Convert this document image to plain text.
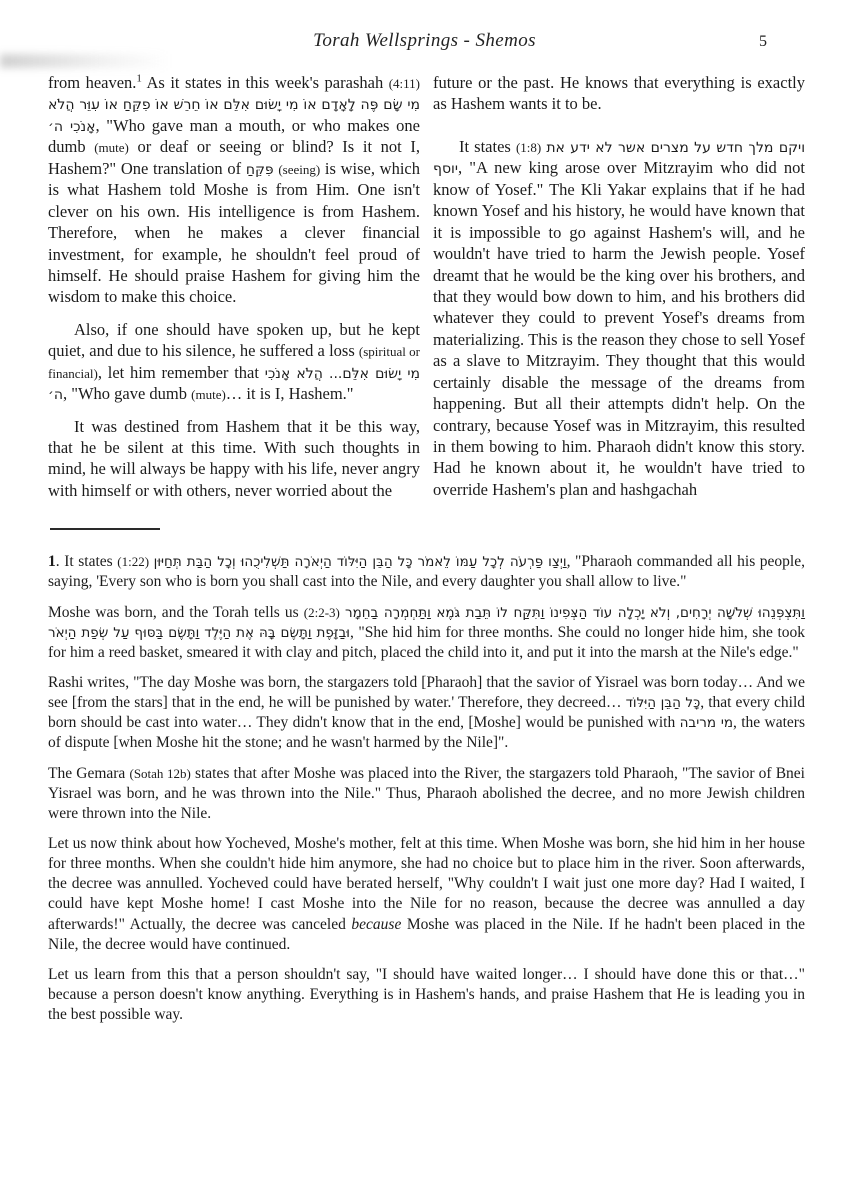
Torah Wellsprings - Shemos	5

from heaven.$^1$ As it states in this week's parashah (4:11) מִי שָׂם פֶּה לָאָדָם אוֹ מִי יָשׂוּם אִלֵּם אוֹ חֵרֵשׁ אוֹ פִקֵּחַ אוֹ עִוֵּר הֲלֹא אָנֹכִי ה׳, "Who gave man a mouth, or who makes one dumb (mute) or deaf or seeing or blind? Is it not I, Hashem?" One translation of פִּקֵּחַ (seeing) is wise, which is what Hashem told Moshe is from Him. One isn't clever on his own. His intelligence is from Hashem. Therefore, when he makes a clever financial investment, for example, he shouldn't feel proud of himself. He should praise Hashem for giving him the wisdom to make this choice.

Also, if one should have spoken up, but he kept quiet, and due to his silence, he suffered a loss (spiritual or financial), let him remember that מִי יָשׂוּם אִלֵּם... הֲלֹא אָנֹכִי ה׳, "Who gave dumb (mute)… it is I, Hashem."

It was destined from Hashem that it be this way, that he be silent at this time. With such thoughts in mind, he will always be happy with his life, never angry with himself or with others, never worried about the

future or the past. He knows that everything is exactly as Hashem wants it to be.

It states (1:8) ויקם מלך חדש על מצרים אשר לא ידע את יוסף, "A new king arose over Mitzrayim who did not know of Yosef." The Kli Yakar explains that if he had known Yosef and his history, he would have known that it is impossible to go against Hashem's will, and he wouldn't have tried to harm the Jewish people. Yosef dreamt that he would be the king over his brothers, and that they would bow down to him, and his brothers did whatever they could to prevent Yosef's dreams from materializing. This is the reason they chose to sell Yosef as a slave to Mitzrayim. They thought that this would certainly disable the message of the dreams from happening. But all their attempts didn't help. On the contrary, because Yosef was in Mitzrayim, this resulted in them bowing to him. Pharaoh didn't know this story. Had he known about it, he wouldn't have tried to override Hashem's plan and hashgachah

1. It states (1:22) וַיְצַו פַּרְעֹה לְכָל עַמּוֹ לֵאמֹר כָּל הַבֵּן הַיִּלּוֹד הַיְאֹרָה תַּשְׁלִיכֻהוּ וְכָל הַבַּת תְּחַיּוּן, "Pharaoh commanded all his people, saying, 'Every son who is born you shall cast into the Nile, and every daughter you shall allow to live."

Moshe was born, and the Torah tells us (2:2-3) וַתִּצְפְּנֵהוּ שְׁלֹשָׁה יְרָחִים, וְלֹא יָכְלָה עוֹד הַצְּפִינוֹ וַתִּקַּח לוֹ תֵּבַת גֹּמֶא וַתַּחְמְרָה בַחֵמָר וּבַזָּפֶת וַתָּשֶׂם בָּהּ אֶת הַיֶּלֶד וַתָּשֶׂם בַּסּוּף עַל שְׂפַת הַיְאֹר, "She hid him for three months. She could no longer hide him, she took for him a reed basket, smeared it with clay and pitch, placed the child into it, and put it into the marsh at the Nile's edge."

Rashi writes, "The day Moshe was born, the stargazers told [Pharaoh] that the savior of Yisrael was born today… And we see [from the stars] that in the end, he will be punished by water.' Therefore, they decreed… כָּל הַבֵּן הַיִּלּוֹד, that every child born should be cast into water… They didn't know that in the end, [Moshe] would be punished with מי מריבה, the waters of dispute [when Moshe hit the stone; and he wasn't harmed by the Nile]".

The Gemara (Sotah 12b) states that after Moshe was placed into the River, the stargazers told Pharaoh, "The savior of Bnei Yisrael was born, and he was thrown into the Nile." Thus, Pharaoh abolished the decree, and no more Jewish children were thrown into the Nile.

Let us now think about how Yocheved, Moshe's mother, felt at this time. When Moshe was born, she hid him in her house for three months. When she couldn't hide him anymore, she had no choice but to place him in the river. Soon afterwards, the decree was annulled. Yocheved could have berated herself, "Why couldn't I wait just one more day? Had I waited, I could have kept Moshe home! I cast Moshe into the Nile for no reason, because the decree was annulled a day afterwards!" Actually, the decree was canceled because Moshe was placed in the Nile. If he hadn't been placed in the Nile, the decree would have continued.

Let us learn from this that a person shouldn't say, "I should have waited longer… I should have done this or that…" because a person doesn't know anything. Everything is in Hashem's hands, and praise Hashem that He is leading you in the best possible way.
